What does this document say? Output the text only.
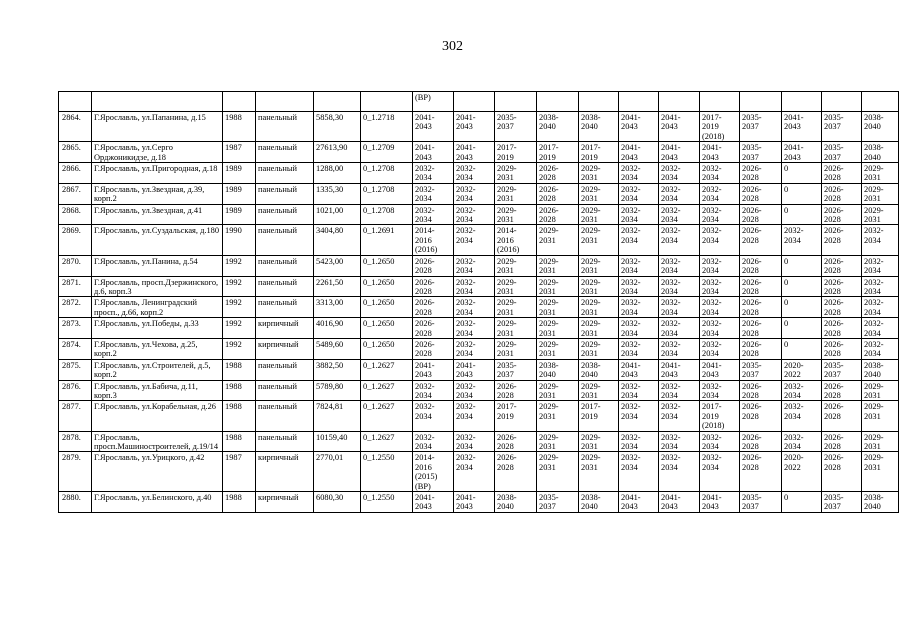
302
						(ВР)											
2864.	Г.Ярославль, ул.Папанина, д.15	1988	панельный	5858,30	0_1.2718	2041-
2043	2041-
2043	2035-
2037	2038-
2040	2038-
2040	2041-
2043	2041-
2043	2017-
2019
(2018)	2035-
2037	2041-
2043	2035-
2037	2038-
2040
2865.	Г.Ярославль, ул.Серго Орджоникидзе, д.18	1987	панельный	27613,90	0_1.2709	2041-
2043	2041-
2043	2017-
2019	2017-
2019	2017-
2019	2041-
2043	2041-
2043	2041-
2043	2035-
2037	2041-
2043	2035-
2037	2038-
2040
2866.	Г.Ярославль, ул.Пригородная, д.18	1989	панельный	1288,00	0_1.2708	2032-
2034	2032-
2034	2029-
2031	2026-
2028	2029-
2031	2032-
2034	2032-
2034	2032-
2034	2026-
2028	0	2026-
2028	2029-
2031
2867.	Г.Ярославль, ул.Звездная, д.39, корп.2	1989	панельный	1335,30	0_1.2708	2032-
2034	2032-
2034	2029-
2031	2026-
2028	2029-
2031	2032-
2034	2032-
2034	2032-
2034	2026-
2028	0	2026-
2028	2029-
2031
2868.	Г.Ярославль, ул.Звездная, д.41	1989	панельный	1021,00	0_1.2708	2032-
2034	2032-
2034	2029-
2031	2026-
2028	2029-
2031	2032-
2034	2032-
2034	2032-
2034	2026-
2028	0	2026-
2028	2029-
2031
2869.	Г.Ярославль, ул.Суздальская, д.180	1990	панельный	3404,80	0_1.2691	2014-
2016
(2016)	2032-
2034	2014-
2016
(2016)	2029-
2031	2029-
2031	2032-
2034	2032-
2034	2032-
2034	2026-
2028	2032-
2034	2026-
2028	2032-
2034
2870.	Г.Ярославль, ул.Панина, д.54	1992	панельный	5423,00	0_1.2650	2026-
2028	2032-
2034	2029-
2031	2029-
2031	2029-
2031	2032-
2034	2032-
2034	2032-
2034	2026-
2028	0	2026-
2028	2032-
2034
2871.	Г.Ярославль, просп.Дзержинского, д.6, корп.3	1992	панельный	2261,50	0_1.2650	2026-
2028	2032-
2034	2029-
2031	2029-
2031	2029-
2031	2032-
2034	2032-
2034	2032-
2034	2026-
2028	0	2026-
2028	2032-
2034
2872.	Г.Ярославль, Ленинградский просп., д.66, корп.2	1992	панельный	3313,00	0_1.2650	2026-
2028	2032-
2034	2029-
2031	2029-
2031	2029-
2031	2032-
2034	2032-
2034	2032-
2034	2026-
2028	0	2026-
2028	2032-
2034
2873.	Г.Ярославль, ул.Победы, д.33	1992	кирпичный	4016,90	0_1.2650	2026-
2028	2032-
2034	2029-
2031	2029-
2031	2029-
2031	2032-
2034	2032-
2034	2032-
2034	2026-
2028	0	2026-
2028	2032-
2034
2874.	Г.Ярославль, ул.Чехова, д.25, корп.2	1992	кирпичный	5489,60	0_1.2650	2026-
2028	2032-
2034	2029-
2031	2029-
2031	2029-
2031	2032-
2034	2032-
2034	2032-
2034	2026-
2028	0	2026-
2028	2032-
2034
2875.	Г.Ярославль, ул.Строителей, д.5, корп.2	1988	панельный	3882,50	0_1.2627	2041-
2043	2041-
2043	2035-
2037	2038-
2040	2038-
2040	2041-
2043	2041-
2043	2041-
2043	2035-
2037	2020-
2022	2035-
2037	2038-
2040
2876.	Г.Ярославль, ул.Бабича, д.11, корп.3	1988	панельный	5789,80	0_1.2627	2032-
2034	2032-
2034	2026-
2028	2029-
2031	2029-
2031	2032-
2034	2032-
2034	2032-
2034	2026-
2028	2032-
2034	2026-
2028	2029-
2031
2877.	Г.Ярославль, ул.Корабельная, д.26	1988	панельный	7824,81	0_1.2627	2032-
2034	2032-
2034	2017-
2019	2029-
2031	2017-
2019	2032-
2034	2032-
2034	2017-
2019
(2018)	2026-
2028	2032-
2034	2026-
2028	2029-
2031
2878.	Г.Ярославль, просп.Машиностроителей, д.19/14	1988	панельный	10159,40	0_1.2627	2032-
2034	2032-
2034	2026-
2028	2029-
2031	2029-
2031	2032-
2034	2032-
2034	2032-
2034	2026-
2028	2032-
2034	2026-
2028	2029-
2031
2879.	Г.Ярославль, ул.Урицкого, д.42	1987	кирпичный	2770,01	0_1.2550	2014-
2016
(2015)
(ВР)	2032-
2034	2026-
2028	2029-
2031	2029-
2031	2032-
2034	2032-
2034	2032-
2034	2026-
2028	2020-
2022	2026-
2028	2029-
2031
2880.	Г.Ярославль, ул.Белинского, д.40	1988	кирпичный	6080,30	0_1.2550	2041-
2043	2041-
2043	2038-
2040	2035-
2037	2038-
2040	2041-
2043	2041-
2043	2041-
2043	2035-
2037	0	2035-
2037	2038-
2040
